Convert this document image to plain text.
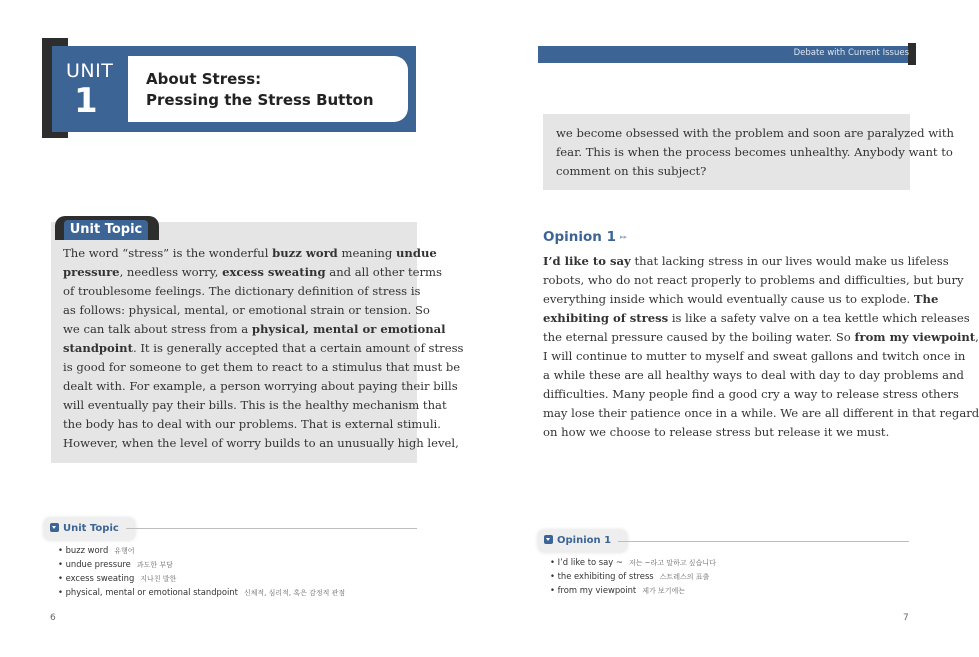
UNIT
1
About Stress:
Pressing the Stress Button
Unit Topic
The word “stress” is the wonderful buzz word meaning undue
pressure, needless worry, excess sweating and all other terms
of troublesome feelings. The dictionary definition of stress is
as follows: physical, mental, or emotional strain or tension. So
we can talk about stress from a physical, mental or emotional
standpoint. It is generally accepted that a certain amount of stress
is good for someone to get them to react to a stimulus that must be
dealt with. For example, a person worrying about paying their bills
will eventually pay their bills. This is the healthy mechanism that
the body has to deal with our problems. That is external stimuli.
However, when the level of worry builds to an unusually high level,
Unit Topic
• buzz word 유행어
• undue pressure 과도한 부담
• excess sweating 지나친 발한
• physical, mental or emotional standpoint 신체적, 심리적, 혹은 감정적 관점
6
Debate with Current Issues
we become obsessed with the problem and soon are paralyzed with
fear. This is when the process becomes unhealthy. Anybody want to
comment on this subject?
Opinion 1 ▸▸
I’d like to say that lacking stress in our lives would make us lifeless
robots, who do not react properly to problems and difficulties, but bury
everything inside which would eventually cause us to explode. The
exhibiting of stress is like a safety valve on a tea kettle which releases
the eternal pressure caused by the boiling water. So from my viewpoint,
I will continue to mutter to myself and sweat gallons and twitch once in
a while these are all healthy ways to deal with day to day problems and
difficulties. Many people find a good cry a way to release stress others
may lose their patience once in a while. We are all different in that regard
on how we choose to release stress but release it we must.
Opinion 1
• I’d like to say ~ 저는 ~라고 말하고 싶습니다
• the exhibiting of stress 스트레스의 표출
• from my viewpoint 제가 보기에는
7
